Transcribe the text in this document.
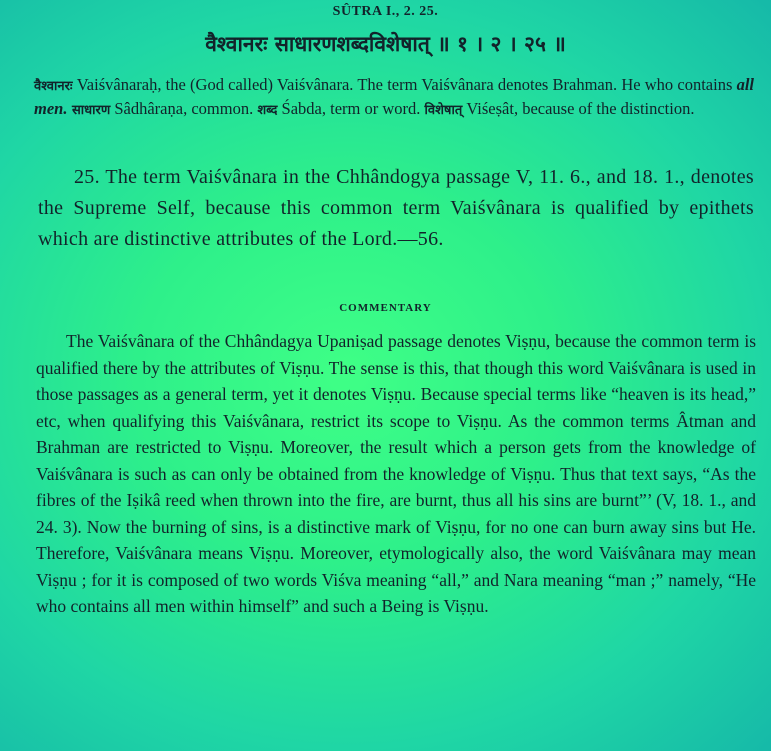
SÛTRA I., 2. 25.
वैश्वानरः साधारणशब्दविशेषात् ॥ १ । २ । २५ ॥
वैश्वानरः Vaiśvânaraḥ, the (God called) Vaiśvânara. The term Vaiśvânara denotes Brahman. He who contains all men. साधारण Sâdhâraṇa, common. शब्द Śabda, term or word. विशेषात् Viśeṣât, because of the distinction.
25. The term Vaiśvânara in the Chhândogya passage V, 11. 6., and 18. 1., denotes the Supreme Self, because this common term Vaiśvânara is qualified by epithets which are distinctive attributes of the Lord.—56.
COMMENTARY

The Vaiśvânara of the Chhândagya Upaniṣad passage denotes Viṣṇu, because the common term is qualified there by the attributes of Viṣṇu. The sense is this, that though this word Vaiśvânara is used in those passages as a general term, yet it denotes Viṣṇu. Because special terms like “heaven is its head,” etc, when qualifying this Vaiśvânara, restrict its scope to Viṣṇu. As the common terms Âtman and Brahman are restricted to Viṣṇu. Moreover, the result which a person gets from the knowledge of Vaiśvânara is such as can only be obtained from the knowledge of Viṣṇu. Thus that text says, “As the fibres of the Iṣikâ reed when thrown into the fire, are burnt, thus all his sins are burnt”’ (V, 18. 1., and 24. 3). Now the burning of sins, is a distinctive mark of Viṣṇu, for no one can burn away sins but He. Therefore, Vaiśvânara means Viṣṇu. Moreover, etymologically also, the word Vaiśvânara may mean Viṣṇu ; for it is composed of two words Viśva meaning “all,” and Nara meaning “man ;” namely, “He who contains all men within himself” and such a Being is Viṣṇu.
